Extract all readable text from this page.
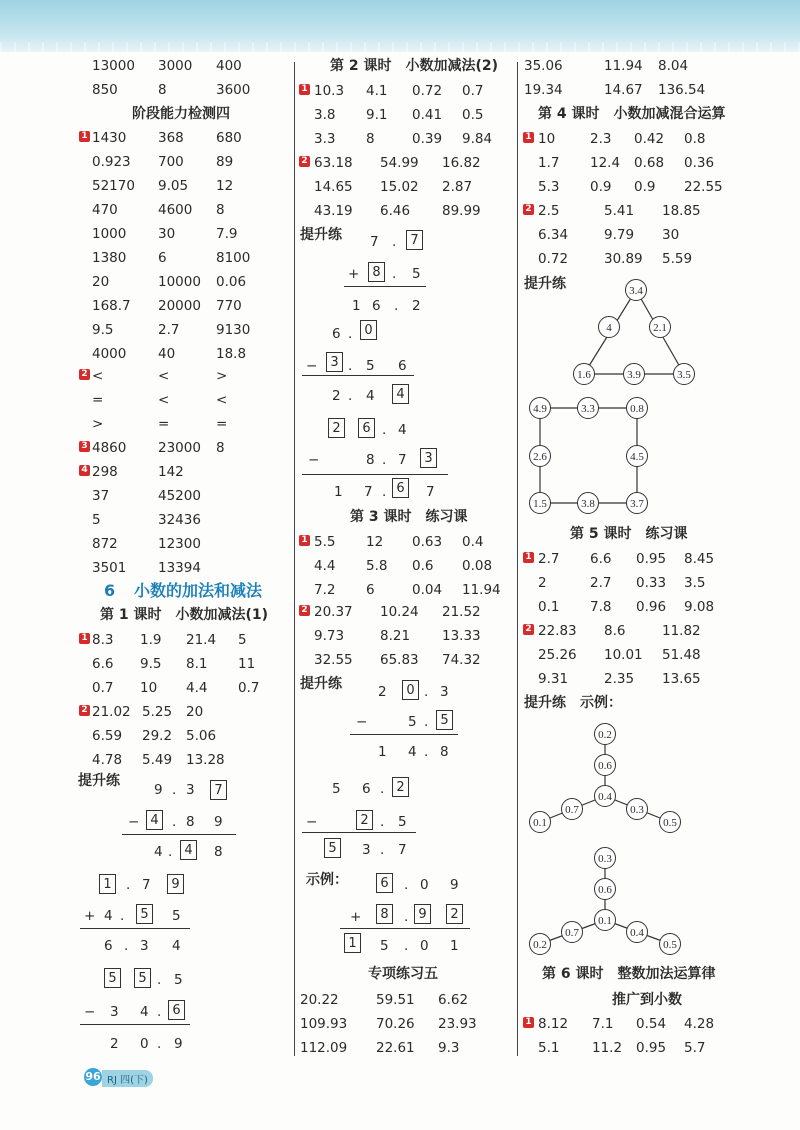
13000 3000 400
850	8	3600
阶段能力检测四
1 1430 368 680
0.923 700 89
52170 9.05 12
470	4600 8
1000 30	7.9
1380 6	8100
20	10000 0.06
168.7 20000 770
9.5	2.7	9130
4000 40	18.8
2 <	<	>
=	<	<
>	=	=
3 4860 23000 8
4 298	142
37	45200
5	32436
872	12300
3501 13394
6 小数的加法和减法
第 1 课时　小数加减法(1)
1 8.3 1.9 21.4 5
6.6 9.5 8.1 11
0.7 10 4.4 0.7
2 21.02 5.25 20
6.59 29.2 5.06
4.78 5.49 13.28
提升练
9 . 3	7
− 4 . 8 9
4 . 4	8
1	. 7	9
+ 4 .	5	5
6 . 3 4
5	5 . 5
− 3 4 . 6
2 0 . 9
第 2 课时　小数加减法(2)
1 10.3 4.1 0.72 0.7
3.8 9.1 0.41 0.5
3.3 8	0.39 9.84
2 63.18 54.99 16.82
14.65 15.02 2.87
43.19 6.46 89.99
提升练 7 .	7
+	8 . 5
1 6 . 2
6 . 0
−	3 . 5 6
2 . 4	4
2	6 . 4
−	8 . 7	3
1 7 . 6	7
第 3 课时　练习课
1 5.5 12 0.63 0.4
4.4 5.8 0.6 0.08
7.2 6	0.04 11.94
2 20.37 10.24 21.52
9.73	8.21 13.33
32.55 65.83 74.32
提升练	2	0 . 3
−	5 . 5
1 4 . 8
5 6 . 2
−	2 . 5
5	3 . 7
示例：	6	. 0 9
+	8	. 9	2
1	5 . 0 1
专项练习五
20.22	59.51 6.62
109.93 70.26 23.93
112.09 22.61 9.3
35.06	11.94 8.04
19.34	14.67 136.54
第 4 课时　小数加减混合运算
1 10	2.3 0.42 0.8
1.7 12.4 0.68 0.36
5.3 0.9 0.9 22.55
2 2.5	5.41 18.85
6.34	9.79 30
0.72	30.89 5.59
提升练	3.4
4	2.1
1.6	3.9	3.5
4.9	3.3	0.8
2.6	4.5
1.5	3.8	3.7
第 5 课时　练习课
1 2.7 6.6 0.95 8.45
2	2.7 0.33 3.5
0.1 7.8 0.96 9.08
2 22.83 8.6	11.82
25.26 10.01 51.48
9.31	2.35 13.65
提升练　示例：
0.2
0.6
0.4
0.7
0.1
0.3
0.5
0.3
0.6
0.1
0.7
0.2
0.4
0.5
第 6 课时　整数加法运算律
推广到小数
1 8.12 7.1 0.54 4.28
5.1 11.2 0.95 5.7
96 RJ 四(下)
